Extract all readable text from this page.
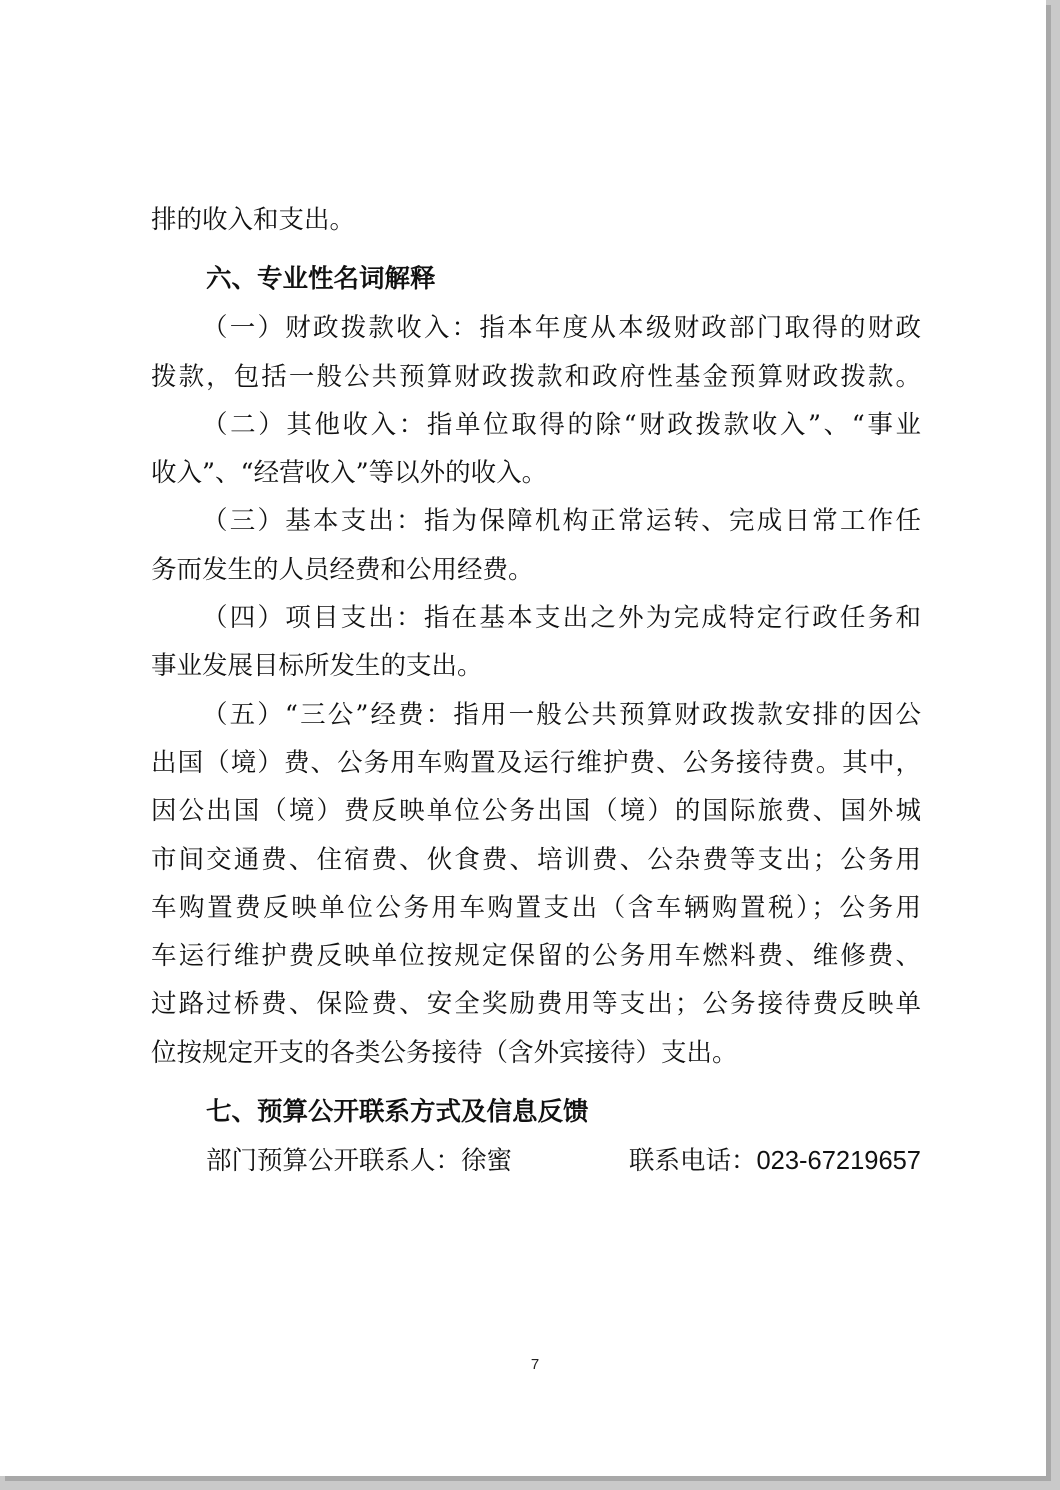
排的收入和支出。
六、专业性名词解释
（一）财政拨款收入：指本年度从本级财政部门取得的财政
拨款，包括一般公共预算财政拨款和政府性基金预算财政拨款。
（二）其他收入：指单位取得的除“财政拨款收入”、“事业
收入”、“经营收入”等以外的收入。
（三）基本支出：指为保障机构正常运转、完成日常工作任
务而发生的人员经费和公用经费。
（四）项目支出：指在基本支出之外为完成特定行政任务和
事业发展目标所发生的支出。
（五）“三公”经费：指用一般公共预算财政拨款安排的因公
出国（境）费、公务用车购置及运行维护费、公务接待费。其中，
因公出国（境）费反映单位公务出国（境）的国际旅费、国外城
市间交通费、住宿费、伙食费、培训费、公杂费等支出；公务用
车购置费反映单位公务用车购置支出（含车辆购置税）；公务用
车运行维护费反映单位按规定保留的公务用车燃料费、维修费、
过路过桥费、保险费、安全奖励费用等支出；公务接待费反映单
位按规定开支的各类公务接待（含外宾接待）支出。
七、预算公开联系方式及信息反馈
部门预算公开联系人：徐蜜	联系电话：023-67219657
7
